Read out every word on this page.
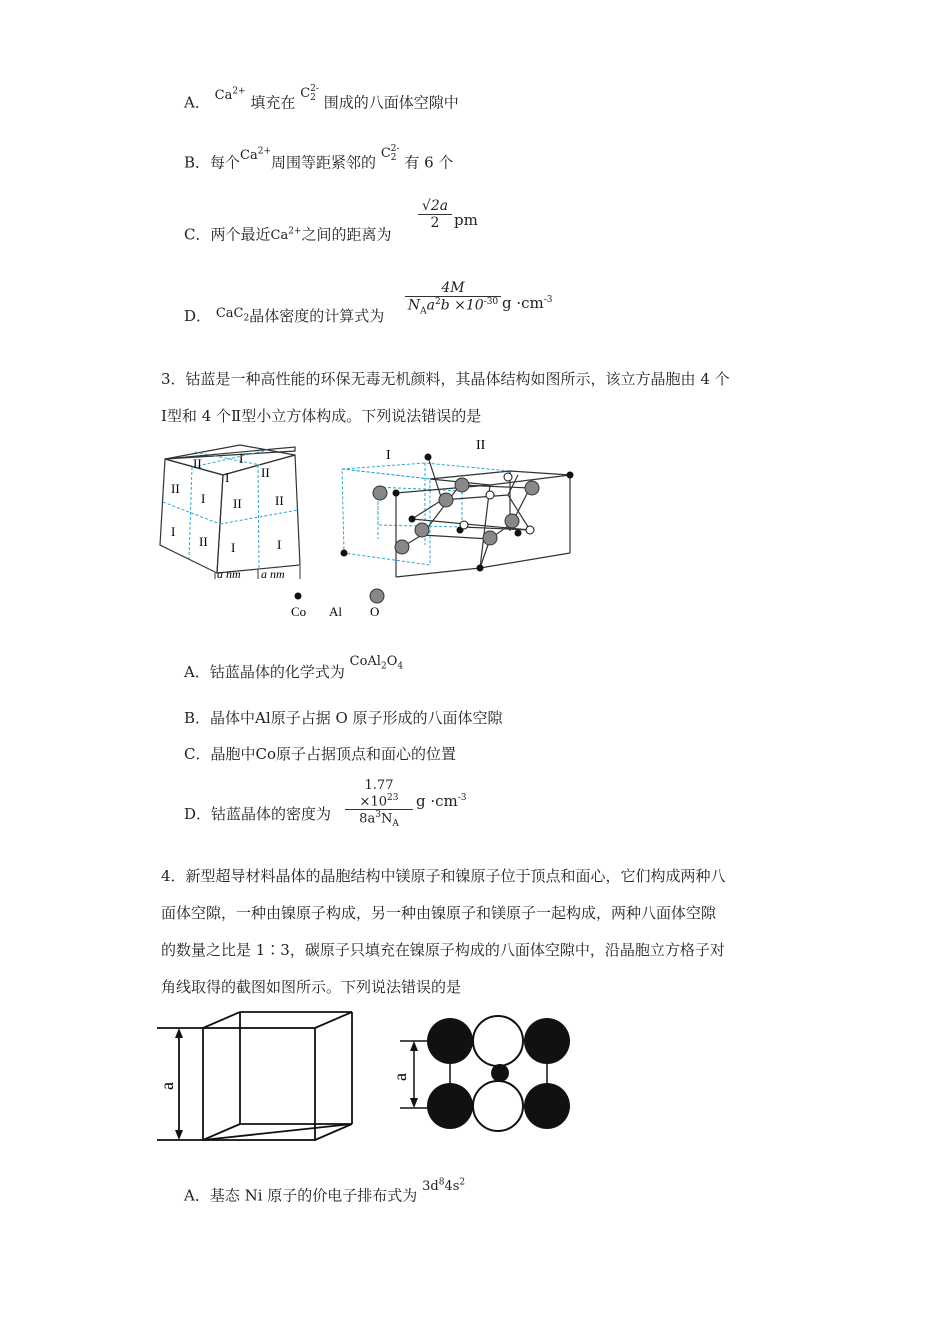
A． $Ca^{2+}$ 填充在 C 2-
2 围成的八面体空隙中
B．每个$Ca^{2+}$周围等距紧邻的 C 2-
2 有 6 个
C．两个最近$Ca^{2+}$之间的距离为
$\frac{√2a}{2}$ pm
D． CaC$_2$晶体密度的计算式为
4M
$N_Aa^2b \times 10^{-30}$ $g \cdot cm^{-3}$
3．钴蓝是一种高性能的环保无毒无机颜料，其晶体结构如图所示，该立方晶胞由 4 个
Ⅰ型和 4 个Ⅱ型小立方体构成。下列说法错误的是
II	I
II
I II
I	II
II
I
II I	I
a nm a nm
I
II
Co Al O
A．钴蓝晶体的化学式为 $CoAl_2O_4$
B．晶体中Al原子占据 O 原子形成的八面体空隙
C．晶胞中Co原子占据顶点和面心的位置
D．钴蓝晶体的密度为 $\frac{1.77 \times 10^{23}}{8a^3N_A}$ $g \cdot cm^{-3}$
4．新型超导材料晶体的晶胞结构中镁原子和镍原子位于顶点和面心，它们构成两种八
面体空隙，一种由镍原子构成，另一种由镍原子和镁原子一起构成，两种八面体空隙
的数量之比是 1∶3，碳原子只填充在镍原子构成的八面体空隙中，沿晶胞立方格子对
角线取得的截图如图所示。下列说法错误的是
a
a
A．基态 Ni 原子的价电子排布式为 $3d^84s^2$
